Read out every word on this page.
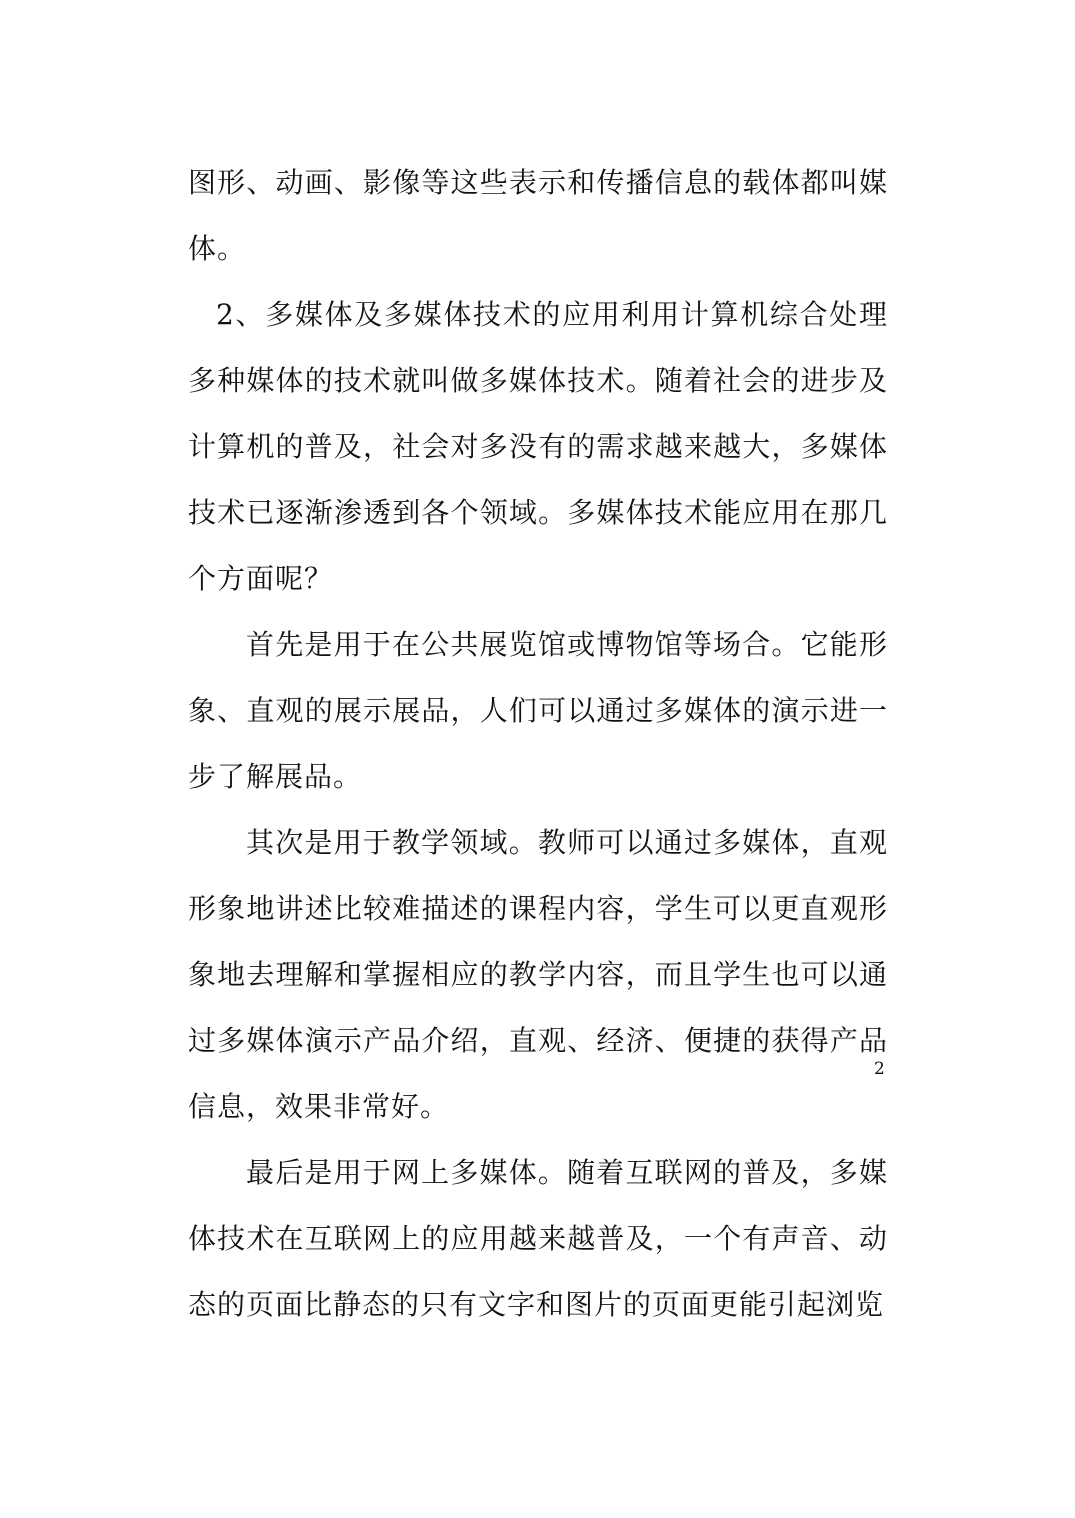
图形、动画、影像等这些表示和传播信息的载体都叫媒体。

2、多媒体及多媒体技术的应用利用计算机综合处理多种媒体的技术就叫做多媒体技术。随着社会的进步及计算机的普及，社会对多没有的需求越来越大，多媒体技术已逐渐渗透到各个领域。多媒体技术能应用在那几个方面呢？

首先是用于在公共展览馆或博物馆等场合。它能形象、直观的展示展品，人们可以通过多媒体的演示进一步了解展品。

其次是用于教学领域。教师可以通过多媒体，直观形象地讲述比较难描述的课程内容，学生可以更直观形象地去理解和掌握相应的教学内容，而且学生也可以通过多媒体演示产品介绍，直观、经济、便捷的获得产品信息，效果非常好。

最后是用于网上多媒体。随着互联网的普及，多媒体技术在互联网上的应用越来越普及，一个有声音、动态的页面比静态的只有文字和图片的页面更能引起浏览

2
